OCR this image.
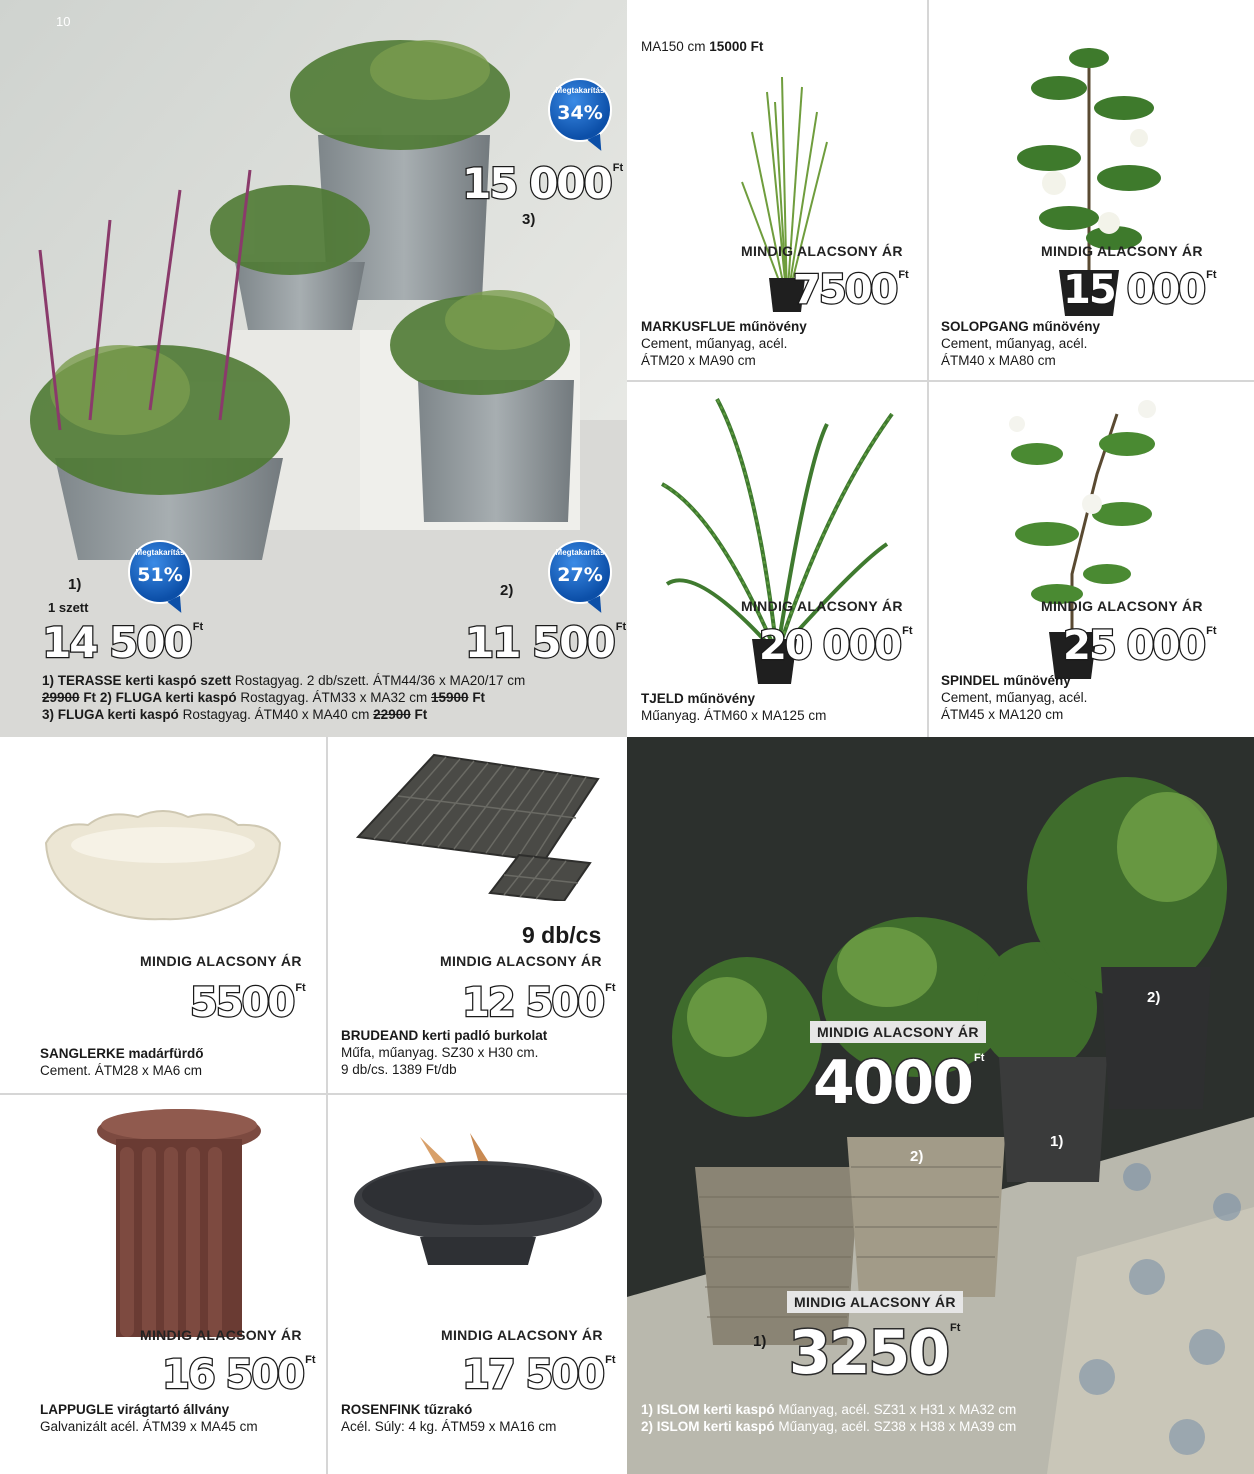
10
Megtakarítás
34%
15 000 $^{Ft}$
3)
Megtakarítás
51%
Megtakarítás
27%
1)
1 szett
2)
14 500 $^{Ft}$	11 500 $^{Ft}$
1) TERASSE kerti kaspó szett Rostagyag. 2 db/szett. ÁTM44/36 x MA20/17 cm
29900 Ft 2) FLUGA kerti kaspó Rostagyag. ÁTM33 x MA32 cm 15900 Ft
3) FLUGA kerti kaspó Rostagyag. ÁTM40 x MA40 cm 22900 Ft
MA150 cm 15000 Ft
MINDIG ALACSONY ÁR
7500 $^{Ft}$
MARKUSFLUE műnövény
Cement, műanyag, acél.
ÁTM20 x MA90 cm
MINDIG ALACSONY ÁR
15 000 $^{Ft}$
SOLOPGANG műnövény
Cement, műanyag, acél.
ÁTM40 x MA80 cm
MINDIG ALACSONY ÁR
20 000 $^{Ft}$
TJELD műnövény
Műanyag. ÁTM60 x MA125 cm
MINDIG ALACSONY ÁR
25 000 $^{Ft}$
SPINDEL műnövény
Cement, műanyag, acél.
ÁTM45 x MA120 cm
MINDIG ALACSONY ÁR
5500 $^{Ft}$
SANGLERKE madárfürdő
Cement. ÁTM28 x MA6 cm
9 db/cs
MINDIG ALACSONY ÁR
12 500 $^{Ft}$
BRUDEAND kerti padló burkolat
Műfa, műanyag. SZ30 x H30 cm.
9 db/cs. 1389 Ft/db
MINDIG ALACSONY ÁR
16 500 $^{Ft}$
LAPPUGLE virágtartó állvány
Galvanizált acél. ÁTM39 x MA45 cm
MINDIG ALACSONY ÁR
17 500 $^{Ft}$
ROSENFINK tűzrakó
Acél. Súly: 4 kg. ÁTM59 x MA16 cm
2)
MINDIG ALACSONY ÁR
4000 $^{Ft}$
1)
2)
MINDIG ALACSONY ÁR
1) 3250 $^{Ft}$
1) ISLOM kerti kaspó Műanyag, acél. SZ31 x H31 x MA32 cm
2) ISLOM kerti kaspó Műanyag, acél. SZ38 x H38 x MA39 cm
